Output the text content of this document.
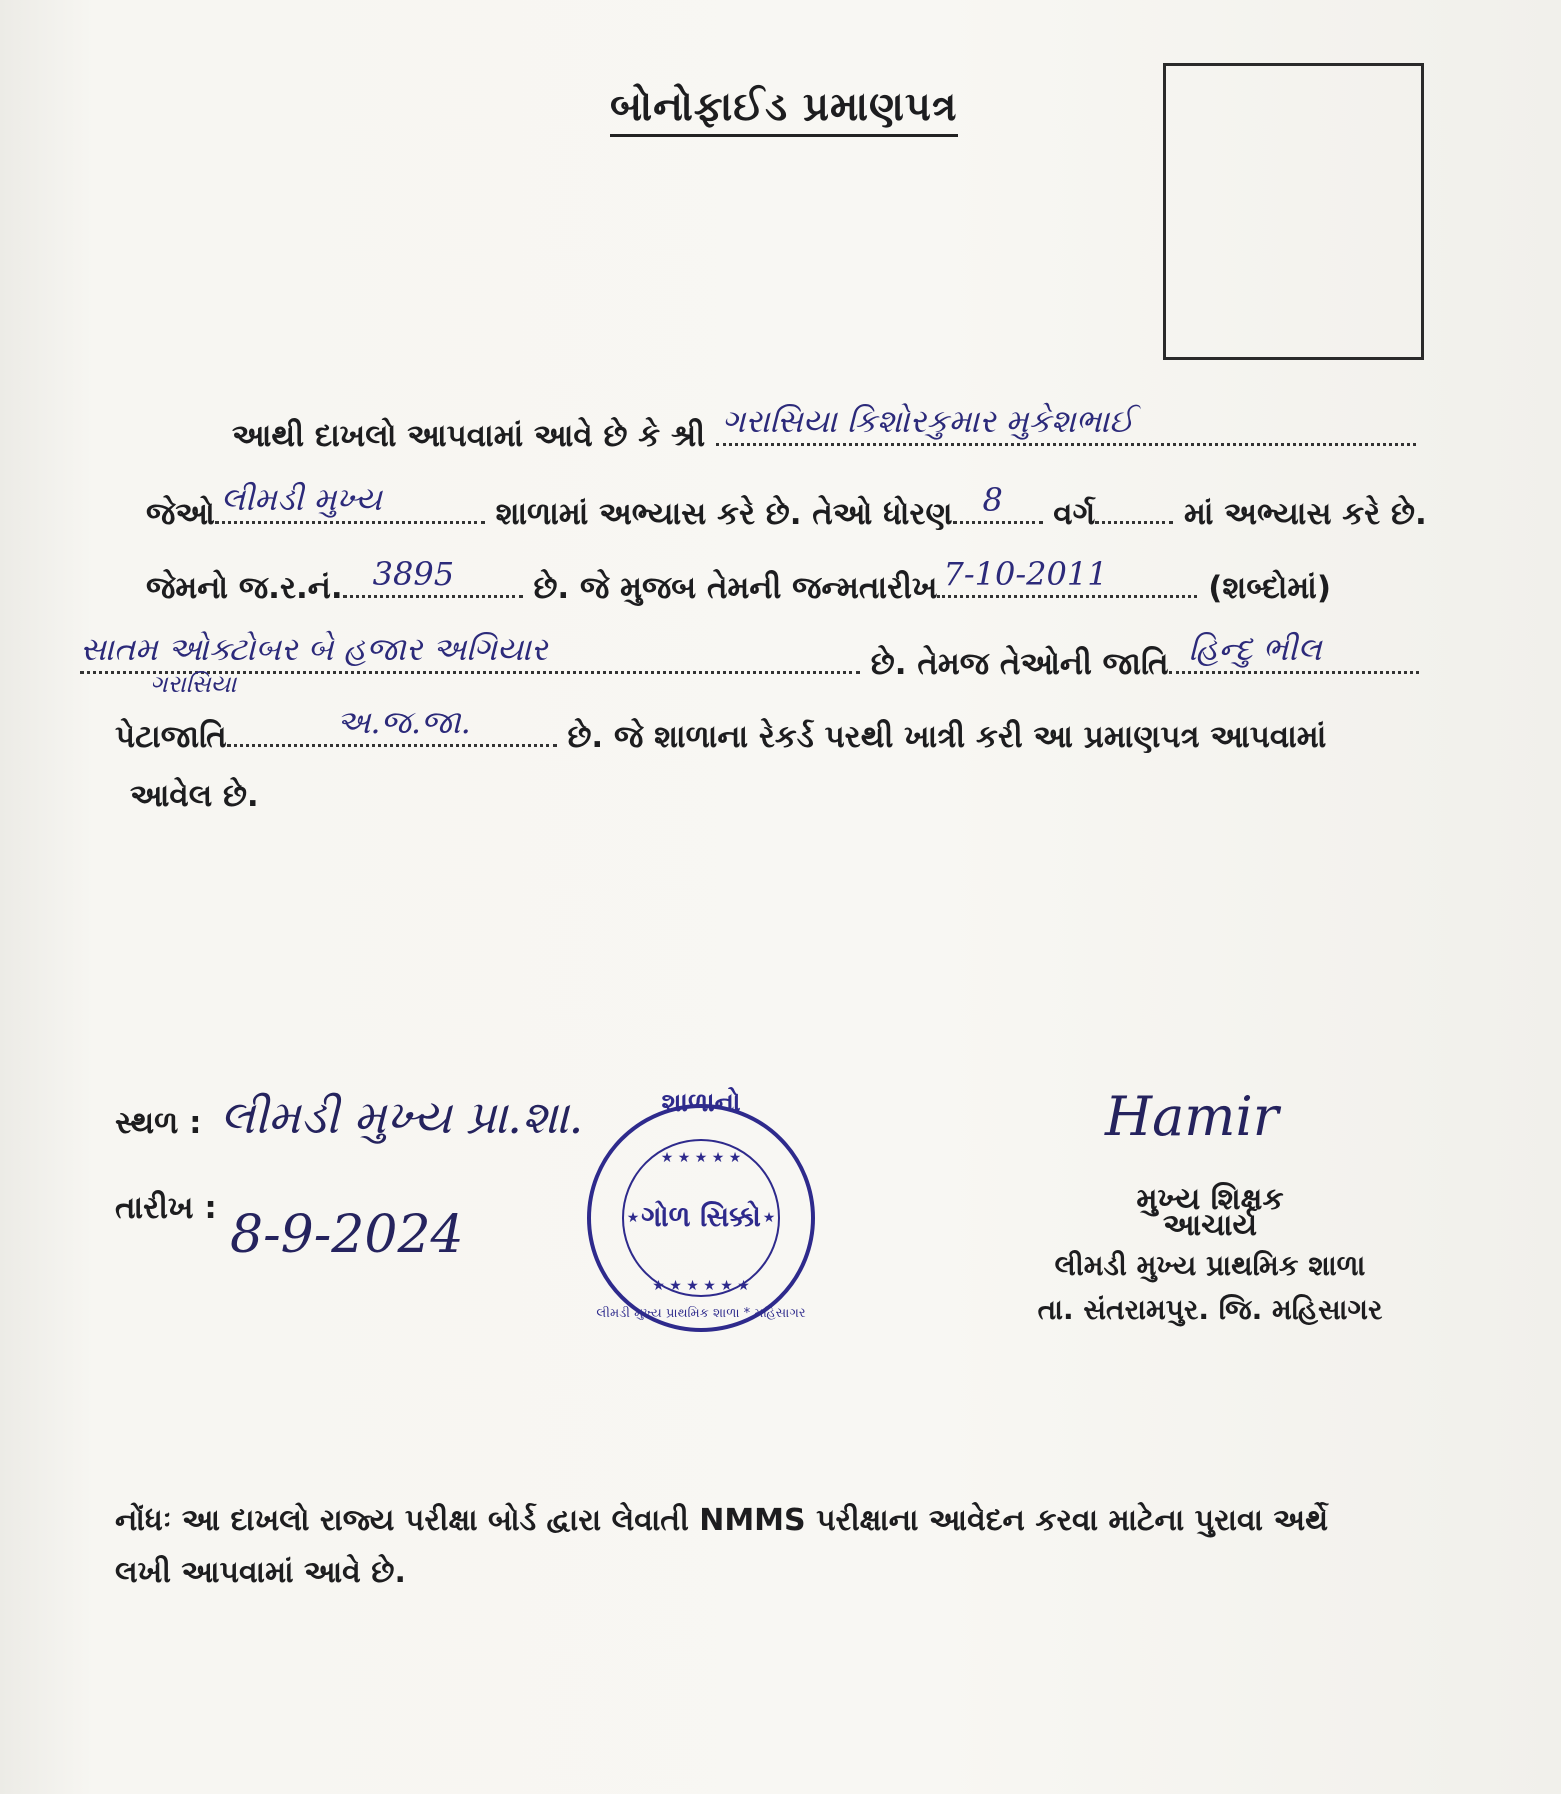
બોનોફાઈડ પ્રમાણપત્ર
આથી દાખલો આપવામાં આવે છે કે શ્રી ગરાસિયા કિશોરકુમાર મુકેશભાઈ
જેઓ લીમડી મુખ્ય	શાળામાં અભ્યાસ કરે છે. તેઓ ધોરણ 8 વર્ગ	માં અભ્યાસ કરે છે.
જેમનો જ.ર.નં. 3895	છે. જે મુજબ તેમની જન્મતારીખ 7-10-2011	(શબ્દોમાં)
સાતમ ઓક્ટોબર બે હજાર અગિયાર	છે. તેમજ તેઓની જાતિ હિન્દુ ભીલ
ગરાસિયા
પેટાજાતિ	અ.જ.જા.	છે. જે શાળાના રેકર્ડ પરથી ખાત્રી કરી આ પ્રમાણપત્ર આપવામાં
આવેલ છે.
સ્થળ : લીમડી મુખ્ય પ્રા.શા.
તારીખ : 8-9-2024
★ ★ ★ ★ ★
★ ★ ★ ★ ★ ★
★	★
શાળાનો
ગોળ સિક્કો
લીમડી મુખ્ય પ્રાથમિક શાળા * મહિસાગર
Hamir
મુખ્ય શિક્ષક
આચાર્ય
લીમડી મુખ્ય પ્રાથમિક શાળા
તા. સંતરામપુર. જિ. મહિસાગર
નોંધઃ આ દાખલો રાજ્ય પરીક્ષા બોર્ડ દ્વારા લેવાતી NMMS પરીક્ષાના આવેદન કરવા માટેના પુરાવા અર્થે લખી આપવામાં આવે છે.
